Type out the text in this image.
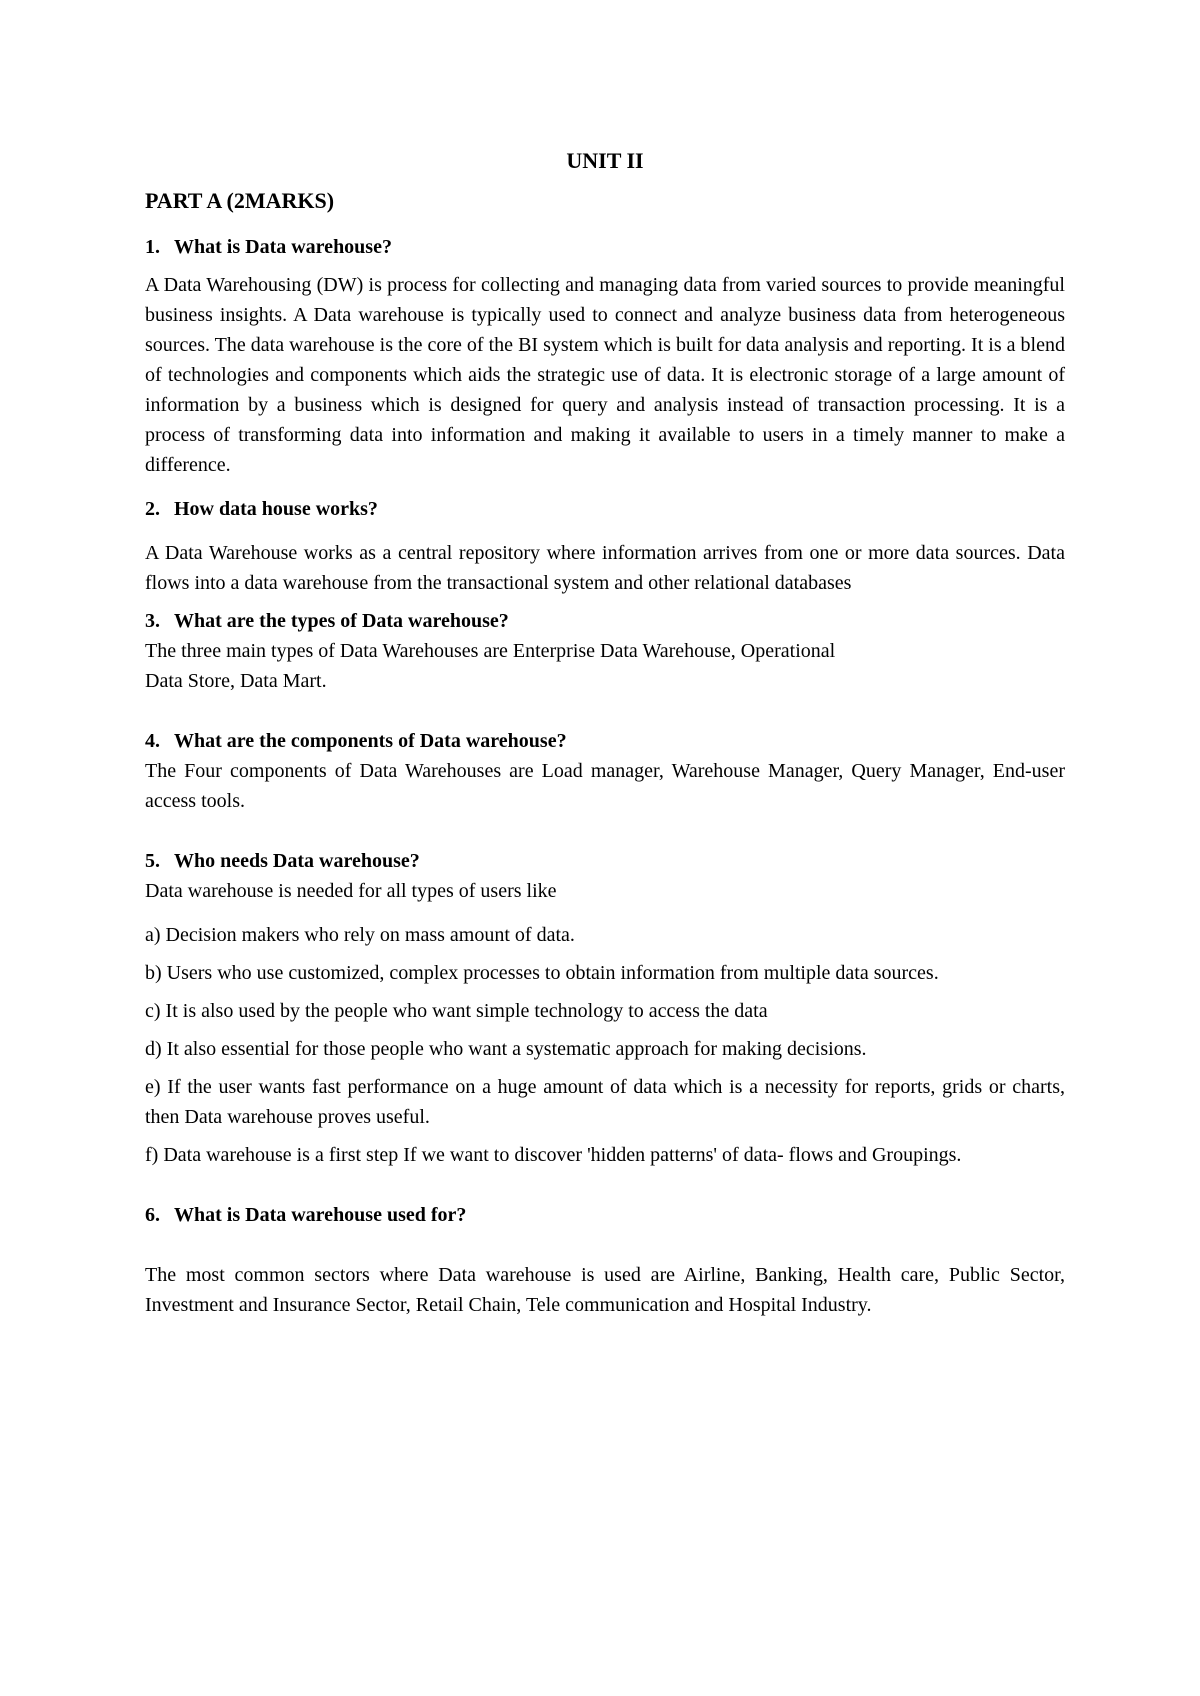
UNIT II
PART A (2MARKS)

1. What is Data warehouse?

A Data Warehousing (DW) is process for collecting and managing data from varied sources to provide meaningful business insights. A Data warehouse is typically used to connect and analyze business data from heterogeneous sources. The data warehouse is the core of the BI system which is built for data analysis and reporting. It is a blend of technologies and components which aids the strategic use of data. It is electronic storage of a large amount of information by a business which is designed for query and analysis instead of transaction processing. It is a process of transforming data into information and making it available to users in a timely manner to make a difference.

2. How data house works?

A Data Warehouse works as a central repository where information arrives from one or more data sources. Data flows into a data warehouse from the transactional system and other relational databases

3. What are the types of Data warehouse?

The three main types of Data Warehouses are Enterprise Data Warehouse, Operational

Data Store, Data Mart.

4. What are the components of Data warehouse?

The Four components of Data Warehouses are Load manager, Warehouse Manager, Query Manager, End-user access tools.

5. Who needs Data warehouse?

Data warehouse is needed for all types of users like

a) Decision makers who rely on mass amount of data.

b) Users who use customized, complex processes to obtain information from multiple data sources.

c) It is also used by the people who want simple technology to access the data

d) It also essential for those people who want a systematic approach for making decisions.

e) If the user wants fast performance on a huge amount of data which is a necessity for reports, grids or charts, then Data warehouse proves useful.

f) Data warehouse is a first step If we want to discover 'hidden patterns' of data- flows and Groupings.

6. What is Data warehouse used for?

The most common sectors where Data warehouse is used are Airline, Banking, Health care, Public Sector, Investment and Insurance Sector, Retail Chain, Tele communication and Hospital Industry.
